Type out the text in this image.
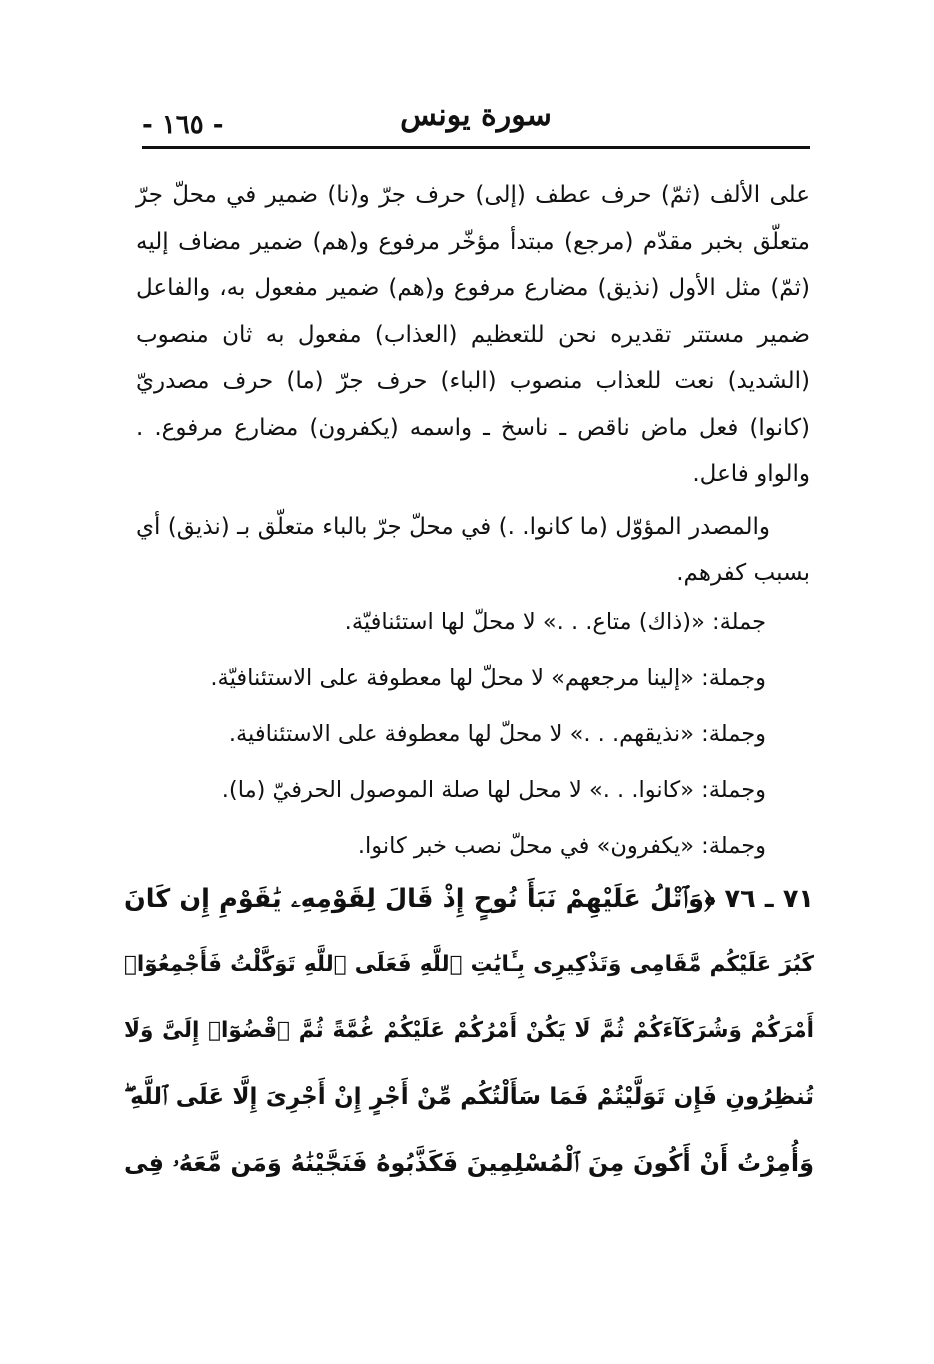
- ١٦٥ -	سورة يونس

على الألف (ثمّ) حرف عطف (إلى) حرف جرّ و(نا) ضمير في محلّ جرّ متعلّق بخبر مقدّم (مرجع) مبتدأ مؤخّر مرفوع و(هم) ضمير مضاف إليه (ثمّ) مثل الأول (نذيق) مضارع مرفوع و(هم) ضمير مفعول به، والفاعل ضمير مستتر تقديره نحن للتعظيم (العذاب) مفعول به ثان منصوب (الشديد) نعت للعذاب منصوب (الباء) حرف جرّ (ما) حرف مصدريّ (كانوا) فعل ماض ناقص ـ ناسخ ـ واسمه (يكفرون) مضارع مرفوع. . والواو فاعل.

والمصدر المؤوّل (ما كانوا. .) في محلّ جرّ بالباء متعلّق بـ (نذيق) أي بسبب كفرهم.

جملة: «(ذاك) متاع. . .» لا محلّ لها استئنافيّة.
وجملة: «إلينا مرجعهم» لا محلّ لها معطوفة على الاستئنافيّة.
وجملة: «نذيقهم. . .» لا محلّ لها معطوفة على الاستئنافية.
وجملة: «كانوا. . .» لا محل لها صلة الموصول الحرفيّ (ما).
وجملة: «يكفرون» في محلّ نصب خبر كانوا.
٧١ ـ ٧٦ ﴿وَٱتْلُ عَلَيْهِمْ نَبَأَ نُوحٍ إِذْ قَالَ لِقَوْمِهِۦ يَٰقَوْمِ إِن كَانَ
كَبُرَ عَلَيْكُم مَّقَامِى وَتَذْكِيرِى بِـَٔايَٰتِ ٱللَّهِ فَعَلَى ٱللَّهِ تَوَكَّلْتُ فَأَجْمِعُوٓا۟
أَمْرَكُمْ وَشُرَكَآءَكُمْ ثُمَّ لَا يَكُنْ أَمْرُكُمْ عَلَيْكُمْ غُمَّةً ثُمَّ ٱقْضُوٓا۟ إِلَىَّ وَلَا
تُنظِرُونِ فَإِن تَوَلَّيْتُمْ فَمَا سَأَلْتُكُم مِّنْ أَجْرٍ إِنْ أَجْرِىَ إِلَّا عَلَى ٱللَّهِ ۖ
وَأُمِرْتُ أَنْ أَكُونَ مِنَ ٱلْمُسْلِمِينَ فَكَذَّبُوهُ فَنَجَّيْنَٰهُ وَمَن مَّعَهُۥ فِى
